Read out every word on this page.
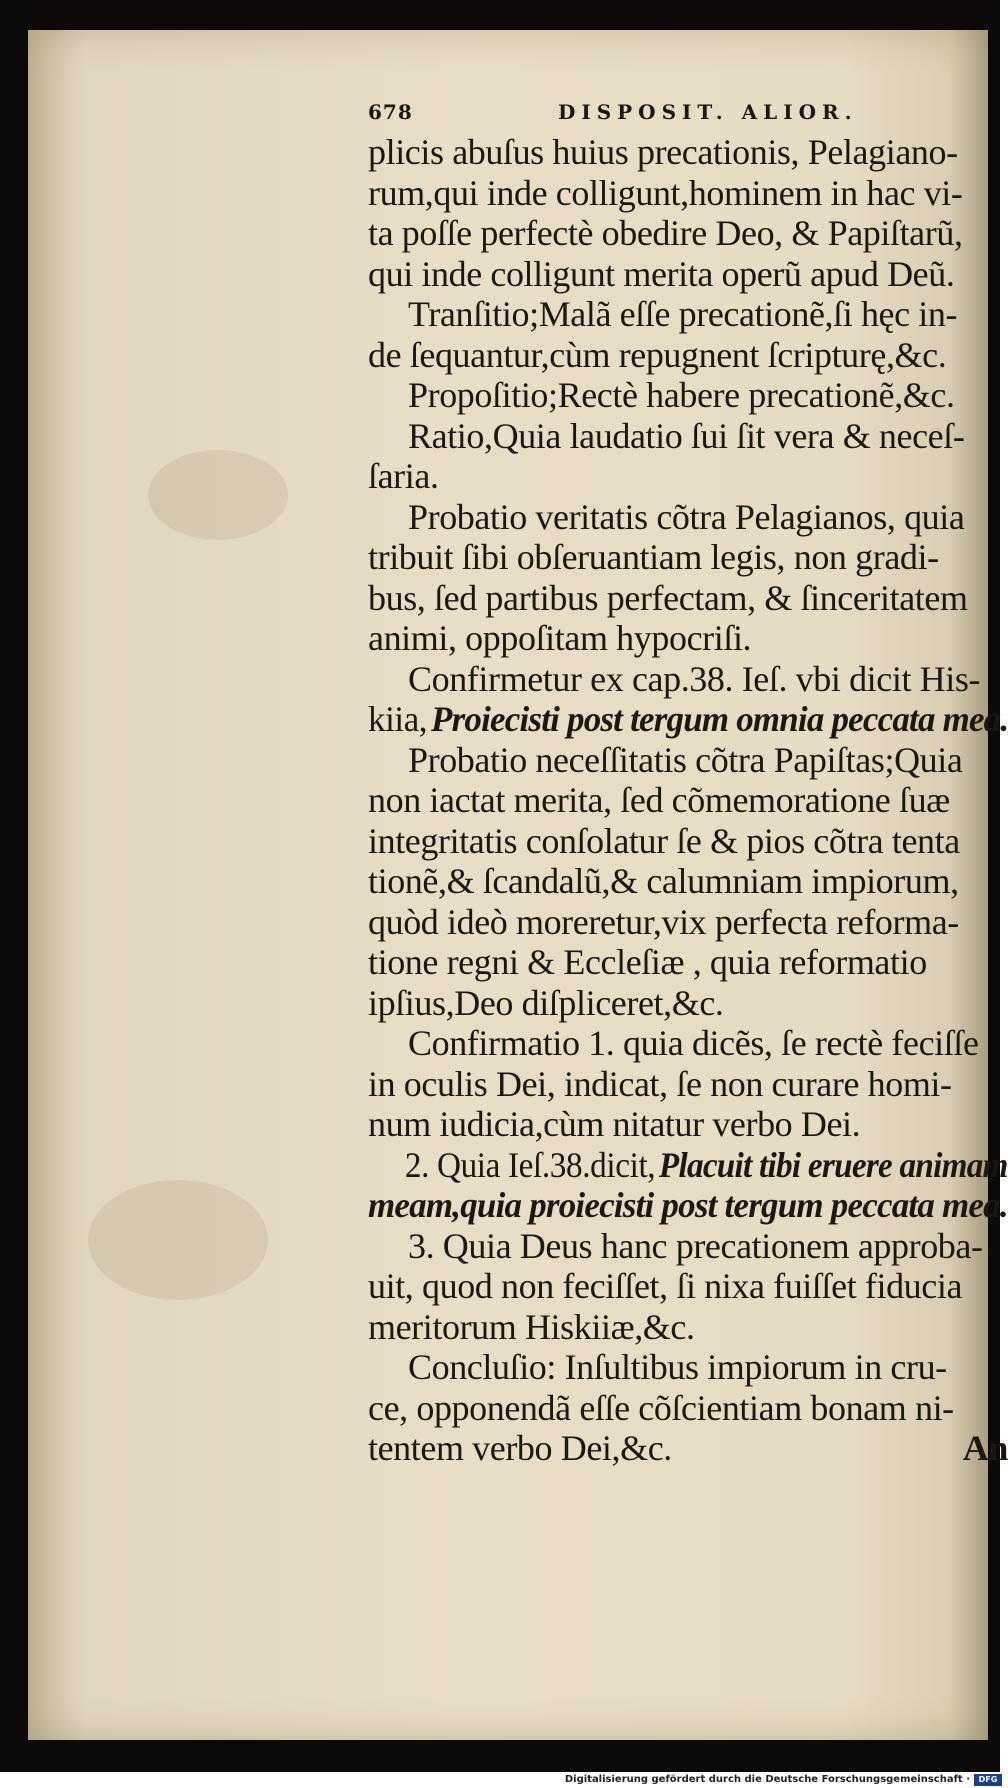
678	DISPOSIT. ALIOR.
plicis abuſus huius precationis, Pelagiano-
rum,qui inde colligunt,hominem in hac vi-
ta poſſe perfectè obedire Deo, & Papiſtarũ,
qui inde colligunt merita operũ apud Deũ.
Tranſitio;Malã eſſe precationẽ,ſi hęc in-
de ſequantur,cùm repugnent ſcripturę,&c.
Propoſitio;Rectè habere precationẽ,&c.
Ratio,Quia laudatio ſui ſit vera & neceſ-
ſaria.
Probatio veritatis cõtra Pelagianos, quia
tribuit ſibi obſeruantiam legis, non gradi-
bus, ſed partibus perfectam, & ſinceritatem
animi, oppoſitam hypocriſi.
Confirmetur ex cap.38. Ieſ. vbi dicit His-
kiia, Proiecisti post tergum omnia peccata mea.
Probatio neceſſitatis cõtra Papiſtas;Quia
non iactat merita, ſed cõmemoratione ſuæ
integritatis conſolatur ſe & pios cõtra tenta
tionẽ,& ſcandalũ,& calumniam impiorum,
quòd ideò moreretur,vix perfecta reforma-
tione regni & Eccleſiæ , quia reformatio
ipſius,Deo diſpliceret,&c.
Confirmatio 1. quia dicẽs, ſe rectè feciſſe
in oculis Dei, indicat, ſe non curare homi-
num iudicia,cùm nitatur verbo Dei.
2. Quia Ieſ.38.dicit, Placuit tibi eruere animam
meam,quia proiecisti post tergum peccata mea.
3. Quia Deus hanc precationem approba-
uit, quod non feciſſet, ſi nixa fuiſſet fiducia
meritorum Hiskiiæ,&c.
Concluſio: Inſultibus impiorum in cru-
ce, opponendã eſſe cõſcientiam bonam ni-
tentem verbo Dei,&c.	An
Digitalisierung gefördert durch die Deutsche Forschungsgemeinschaft ·	DFG
